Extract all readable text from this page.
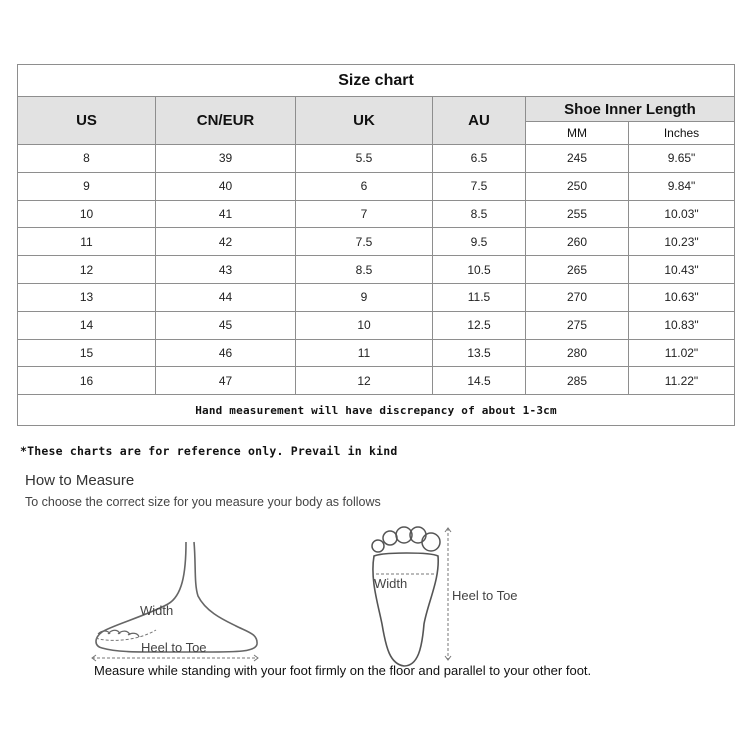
Size chart					
US	CN/EUR	UK	AU	Shoe Inner Length	
				MM	Inches
8	39	5.5	6.5	245	9.65"
9	40	6	7.5	250	9.84"
10	41	7	8.5	255	10.03"
11	42	7.5	9.5	260	10.23"
12	43	8.5	10.5	265	10.43"
13	44	9	11.5	270	10.63"
14	45	10	12.5	275	10.83"
15	46	11	13.5	280	11.02"
16	47	12	14.5	285	11.22"
Hand measurement will have discrepancy of about 1-3cm					
*These charts are for reference only. Prevail in kind
How to Measure
To choose the correct size for you measure your body as follows
Width
Heel to Toe
Width
Heel to Toe
Measure while standing with your foot firmly on the floor and parallel to your other foot.
